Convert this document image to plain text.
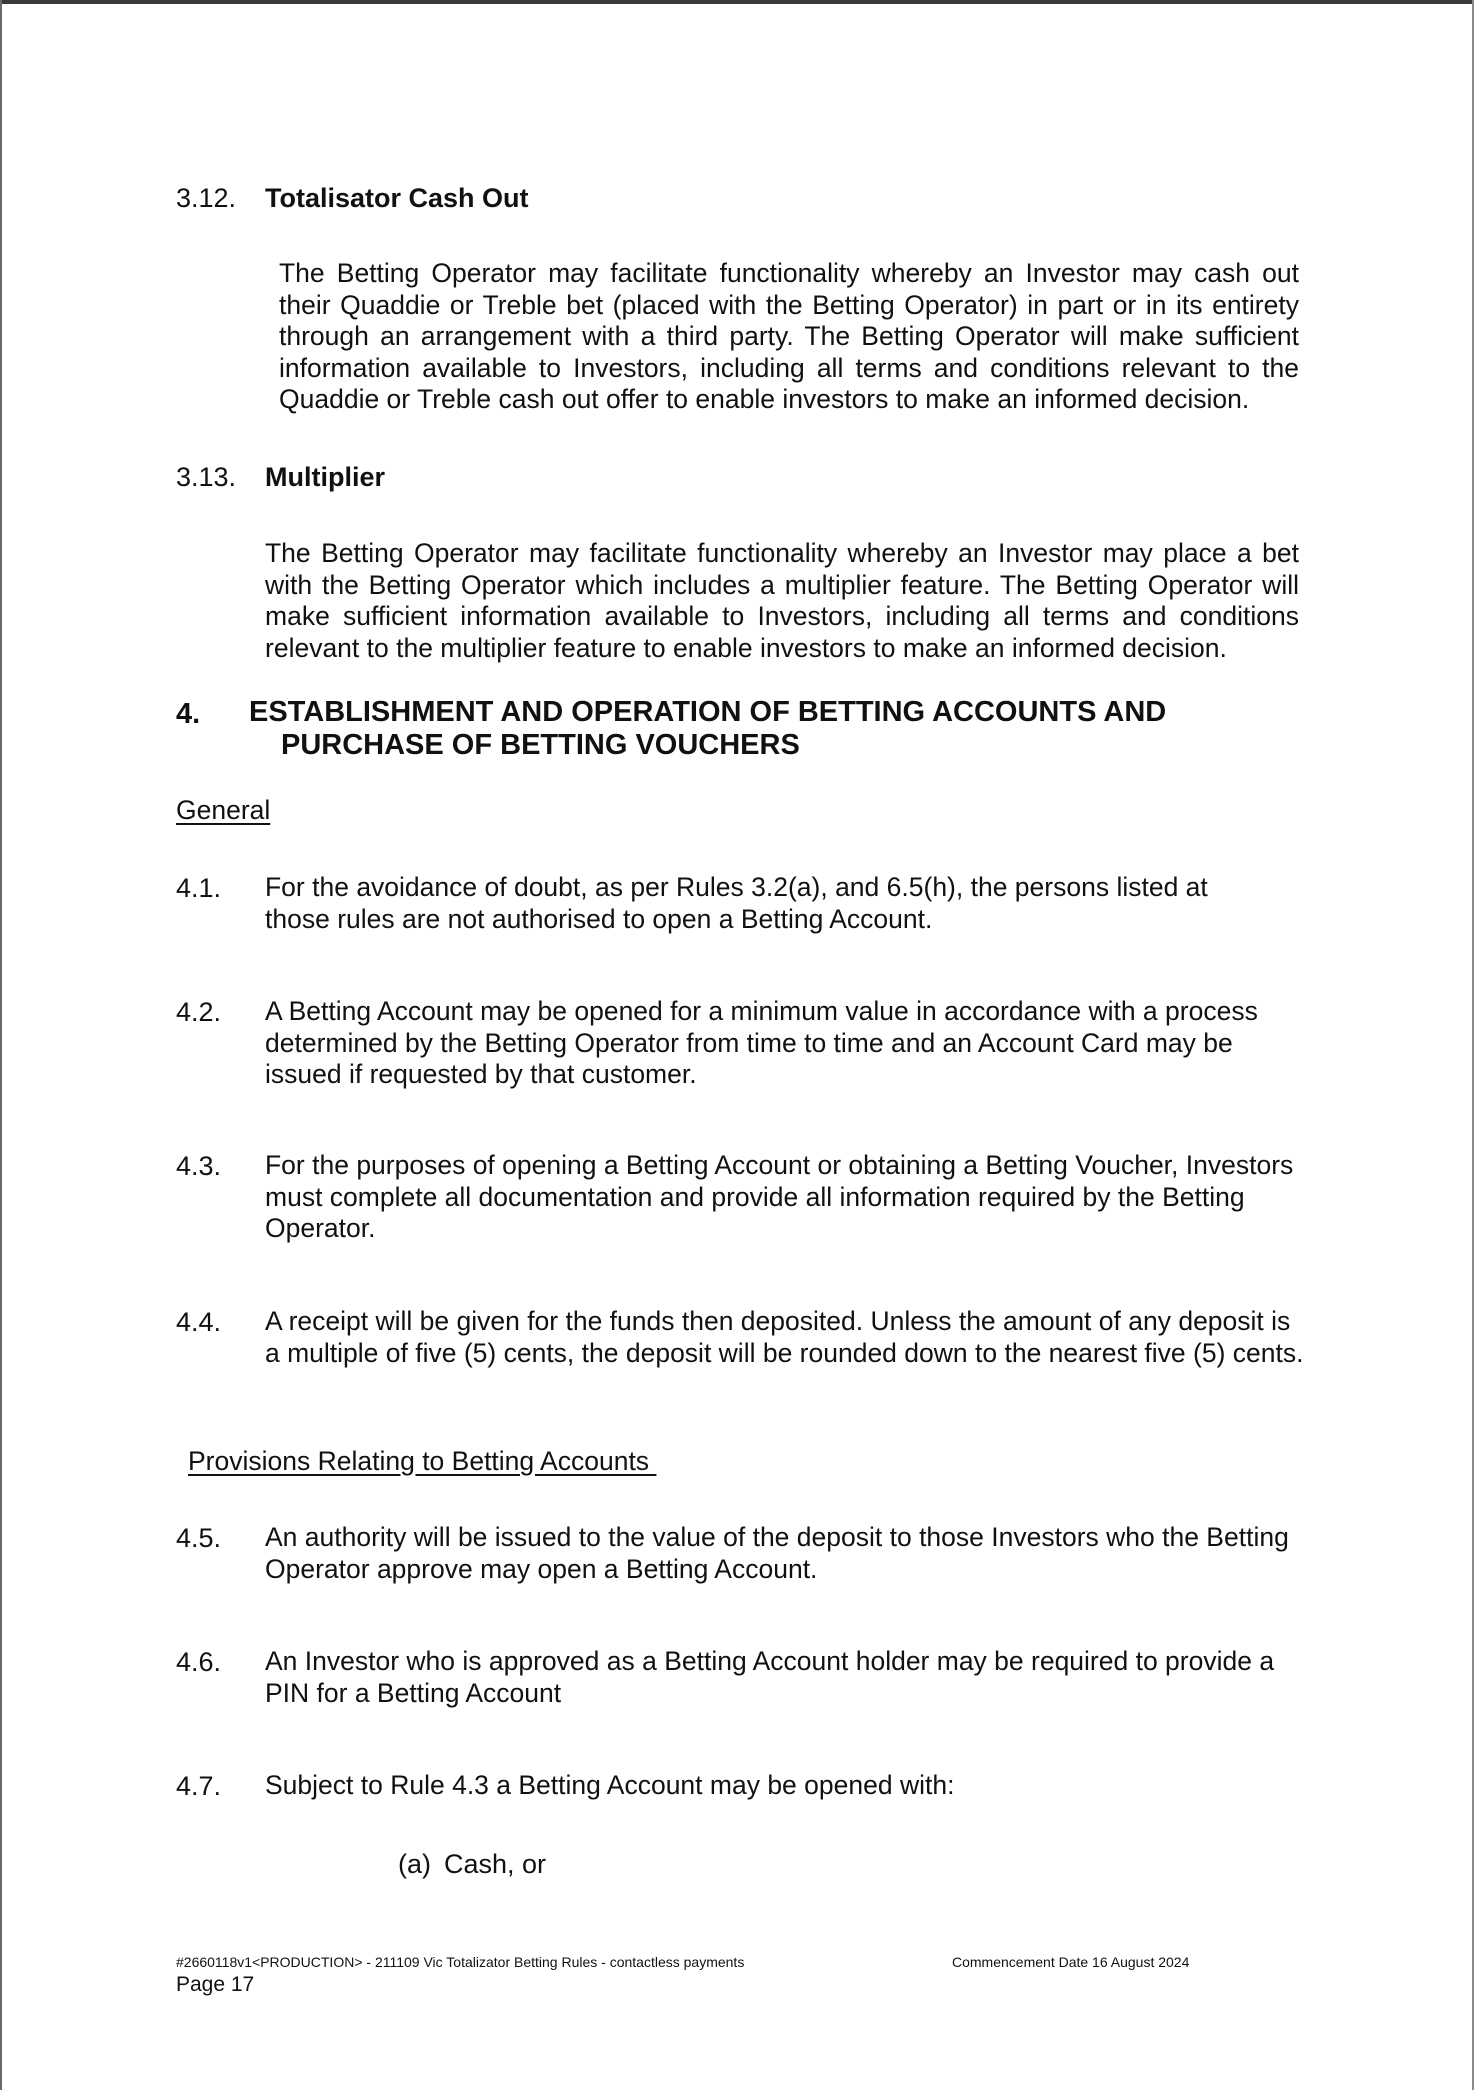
3.12. Totalisator Cash Out
The Betting Operator may facilitate functionality whereby an Investor may cash out their Quaddie or Treble bet (placed with the Betting Operator) in part or in its entirety through an arrangement with a third party. The Betting Operator will make sufficient information available to Investors, including all terms and conditions relevant to the Quaddie or Treble cash out offer to enable investors to make an informed decision.
3.13. Multiplier
The Betting Operator may facilitate functionality whereby an Investor may place a bet with the Betting Operator which includes a multiplier feature. The Betting Operator will make sufficient information available to Investors, including all terms and conditions relevant to the multiplier feature to enable investors to make an informed decision.
4. ESTABLISHMENT AND OPERATION OF BETTING ACCOUNTS AND
PURCHASE OF BETTING VOUCHERS
General
4.1. For the avoidance of doubt, as per Rules 3.2(a), and 6.5(h), the persons listed at those rules are not authorised to open a Betting Account.
4.2. A Betting Account may be opened for a minimum value in accordance with a process determined by the Betting Operator from time to time and an Account Card may be issued if requested by that customer.
4.3. For the purposes of opening a Betting Account or obtaining a Betting Voucher, Investors must complete all documentation and provide all information required by the Betting Operator.
4.4. A receipt will be given for the funds then deposited. Unless the amount of any deposit is a multiple of five (5) cents, the deposit will be rounded down to the nearest five (5) cents.
Provisions Relating to Betting Accounts
4.5. An authority will be issued to the value of the deposit to those Investors who the Betting Operator approve may open a Betting Account.
4.6. An Investor who is approved as a Betting Account holder may be required to provide a PIN for a Betting Account
4.7. Subject to Rule 4.3 a Betting Account may be opened with:
(a) Cash, or
#2660118v1<PRODUCTION> - 211109 Vic Totalizator Betting Rules - contactless payments	Commencement Date 16 August 2024
Page 17
